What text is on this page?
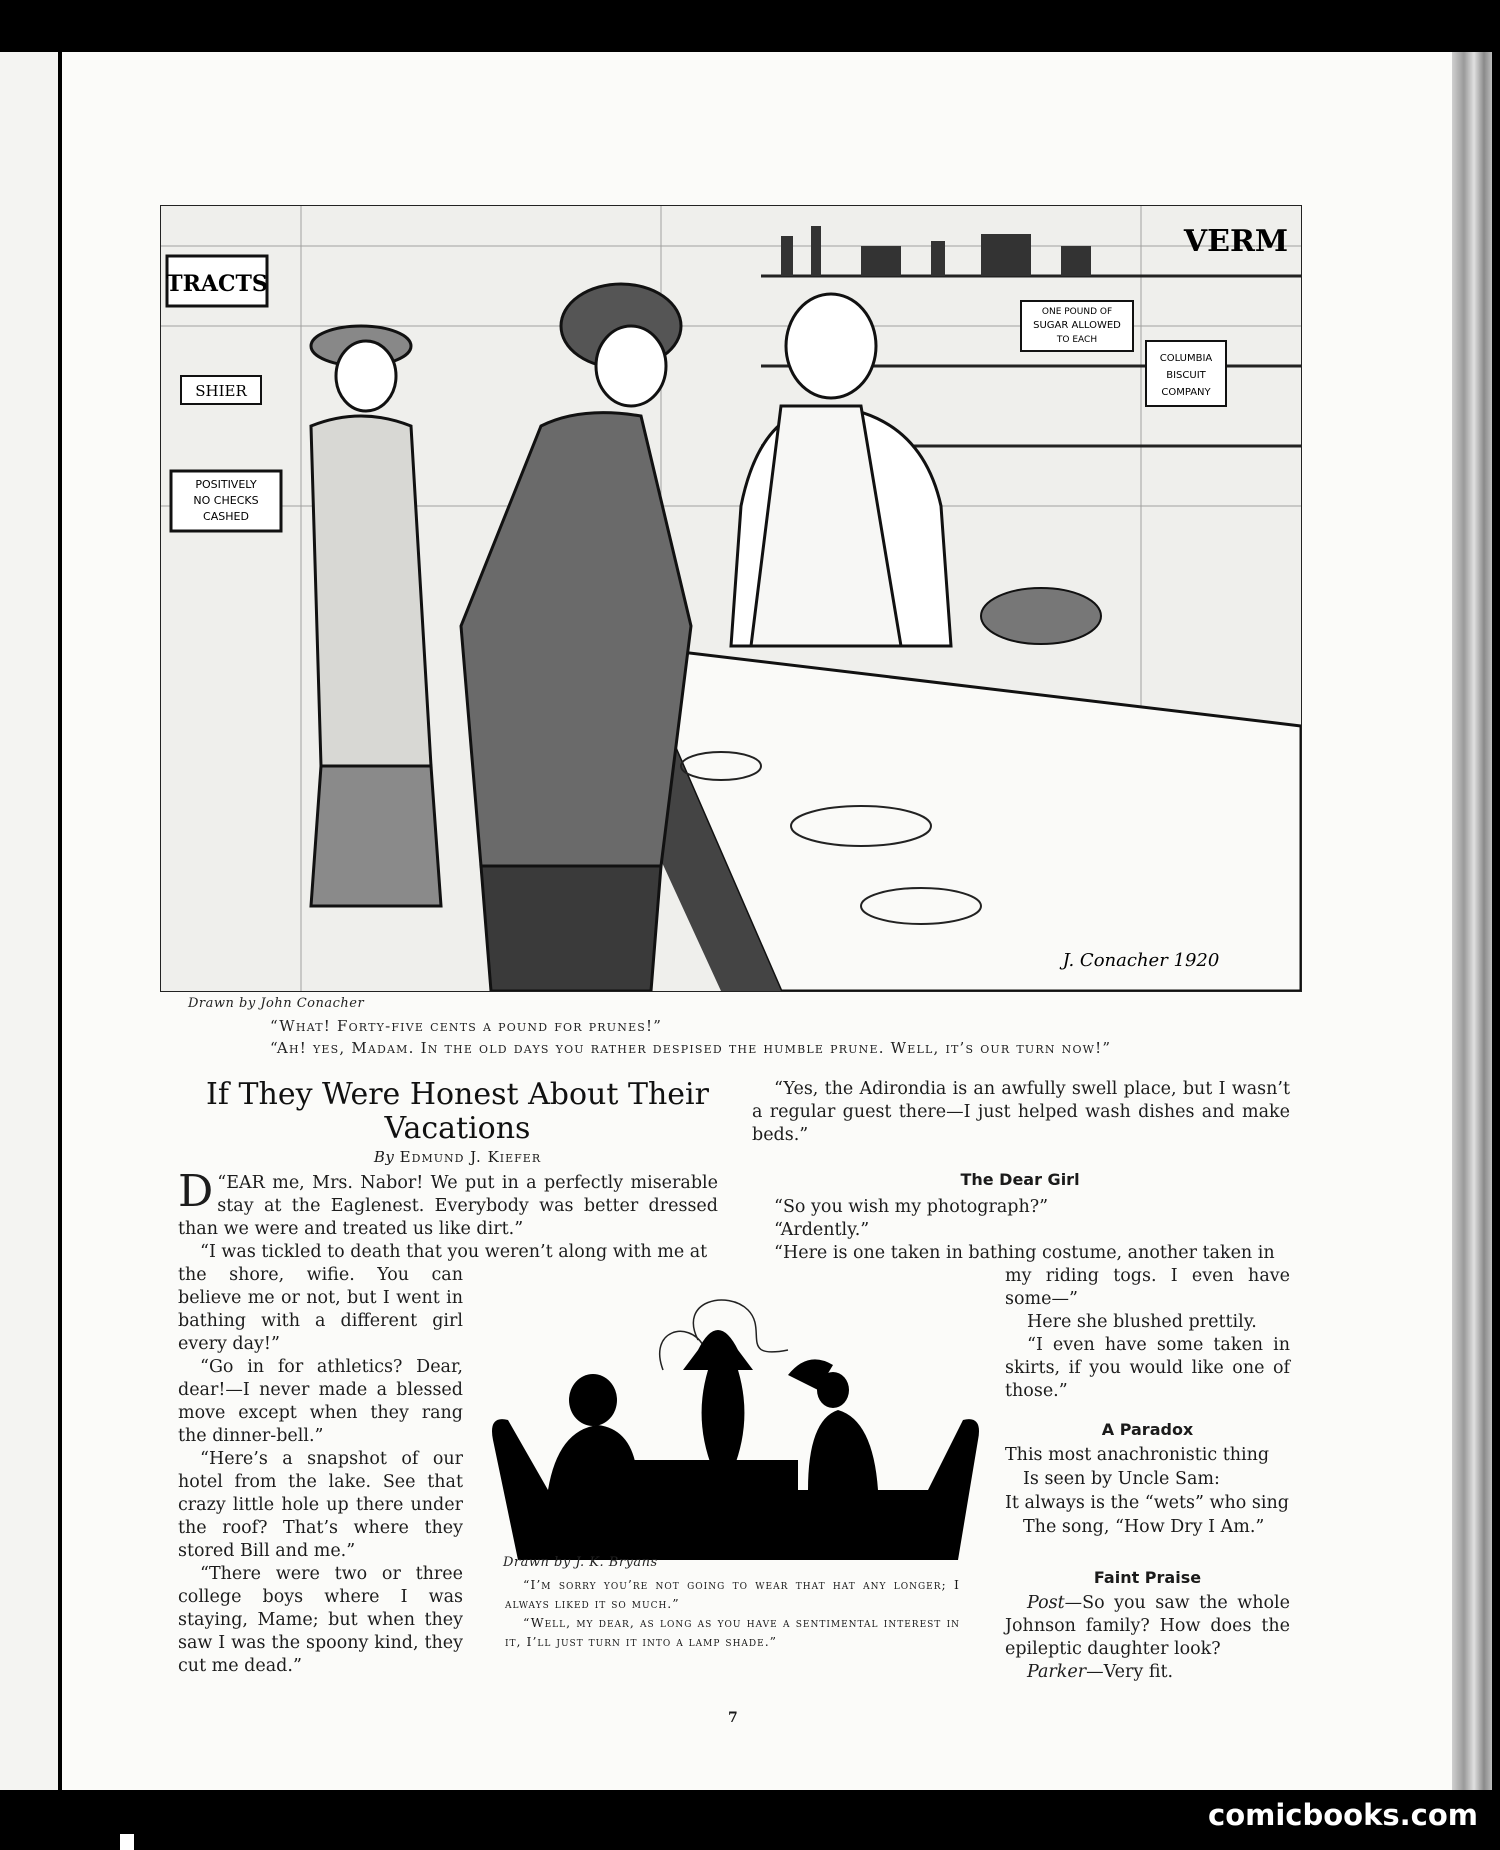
TRACTS
SHIER
POSITIVELY
NO CHECKS
CASHED
ONE POUND OF
SUGAR ALLOWED
TO EACH
COLUMBIA
BISCUIT
COMPANY
VERM
J. Conacher 1920
Drawn by John Conacher
“What! Forty-five cents a pound for prunes!”
“Ah! yes, Madam. In the old days you rather despised the humble prune. Well, it’s our turn now!”
If They Were Honest About Their Vacations
By Edmund J. Kiefer

“
D EAR me, Mrs. Nabor! We put in a perfectly miserable stay at the Eaglenest. Everybody was better dressed than we were and treated us like dirt.”

“I was tickled to death that you weren’t along with me at

the shore, wifie. You can believe me or not, but I went in bathing with a different girl every day!”

“Go in for athletics? Dear, dear!—I never made a blessed move except when they rang the dinner-bell.”

“Here’s a snapshot of our hotel from the lake. See that crazy little hole up there under the roof? That’s where they stored Bill and me.”

“There were two or three college boys where I was staying, Mame; but when they saw I was the spoony kind, they cut me dead.”

“Yes, the Adirondia is an awfully swell place, but I wasn’t a regular guest there—I just helped wash dishes and make beds.”

The Dear Girl

“So you wish my photograph?”

“Ardently.”

“Here is one taken in bathing costume, another taken in

my riding togs. I even have some—”

Here she blushed prettily.

“I even have some taken in skirts, if you would like one of those.”

A Paradox
This most anachronistic thing
Is seen by Uncle Sam:
It always is the “wets” who sing
The song, “How Dry I Am.”
Faint Praise

Post—So you saw the whole Johnson family? How does the epileptic daughter look?

Parker—Very fit.

Drawn by J. K. Bryans

“I’m sorry you’re not going to wear that hat any longer; I always liked it so much.”

“Well, my dear, as long as you have a sentimental interest in it, I’ll just turn it into a lamp shade.”

7
comicbooks.com
